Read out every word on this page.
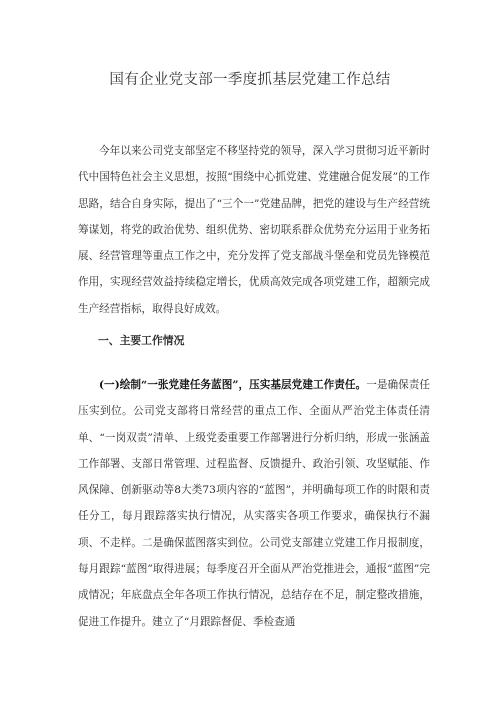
国有企业党支部一季度抓基层党建工作总结
今年以来公司党支部坚定不移坚持党的领导，深入学习贯彻习近平新时代中国特色社会主义思想，按照“围绕中心抓党建、党建融合促发展”的工作思路，结合自身实际，提出了“三个一”党建品牌，把党的建设与生产经营统筹谋划，将党的政治优势、组织优势、密切联系群众优势充分运用于业务拓展、经营管理等重点工作之中，充分发挥了党支部战斗堡垒和党员先锋模范作用，实现经营效益持续稳定增长，优质高效完成各项党建工作，超额完成生产经营指标，取得良好成效。
一、主要工作情况
(一)绘制“一张党建任务蓝图”，压实基层党建工作责任。一是确保责任压实到位。公司党支部将日常经营的重点工作、全面从严治党主体责任清单、“一岗双责”清单、上级党委重要工作部署进行分析归纳，形成一张涵盖工作部署、支部日常管理、过程监督、反馈提升、政治引领、攻坚赋能、作风保障、创新驱动等8大类73项内容的“蓝图”，并明确每项工作的时限和责任分工，每月跟踪落实执行情况，从实落实各项工作要求，确保执行不漏项、不走样。二是确保蓝图落实到位。公司党支部建立党建工作月报制度，每月跟踪“蓝图”取得进展；每季度召开全面从严治党推进会，通报“蓝图”完成情况；年底盘点全年各项工作执行情况，总结存在不足，制定整改措施，促进工作提升。建立了“月跟踪督促、季检查通
